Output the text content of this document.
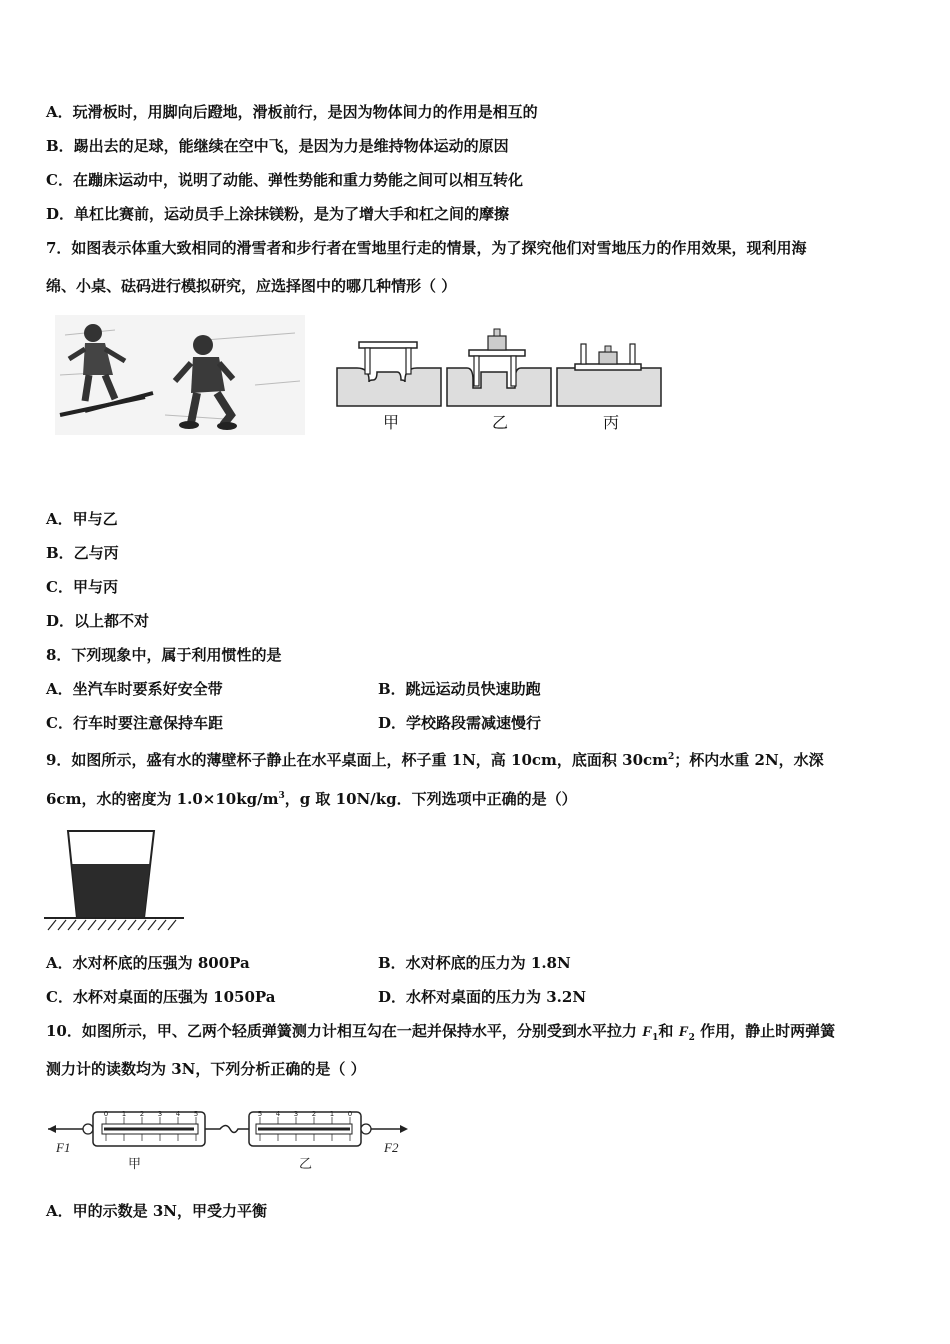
A．玩滑板时，用脚向后蹬地，滑板前行，是因为物体间力的作用是相互的
B．踢出去的足球，能继续在空中飞，是因为力是维持物体运动的原因
C．在蹦床运动中，说明了动能、弹性势能和重力势能之间可以相互转化
D．单杠比赛前，运动员手上涂抹镁粉，是为了增大手和杠之间的摩擦
7．如图表示体重大致相同的滑雪者和步行者在雪地里行走的情景，为了探究他们对雪地压力的作用效果，现利用海
绵、小桌、砝码进行模拟研究，应选择图中的哪几种情形（ ）
甲	乙	丙
A．甲与乙
B．乙与丙
C．甲与丙
D．以上都不对
8．下列现象中，属于利用惯性的是
A．坐汽车时要系好安全带	B．跳远运动员快速助跑
C．行车时要注意保持车距	D．学校路段需减速慢行
9．如图所示，盛有水的薄壁杯子静止在水平桌面上，杯子重 1N，高 10cm，底面积 $30cm^2$；杯内水重 2N，水深
6cm，水的密度为 $1.0\times 10kg/m^3$，g 取 10N/kg．下列选项中正确的是（）
A．水对杯底的压强为 800Pa	B．水对杯底的压力为 1.8N
C．水杯对桌面的压强为 1050Pa	D．水杯对桌面的压力为 3.2N
10．如图所示，甲、乙两个轻质弹簧测力计相互勾在一起并保持水平，分别受到水平拉力 $F_1$和 $F_2$ 作用，静止时两弹簧
测力计的读数均为 3N，下列分析正确的是（ ）
0 1 2 3 4 5	0
1
2
3
4
5
F1	F2
甲	乙
A．甲的示数是 3N，甲受力平衡
